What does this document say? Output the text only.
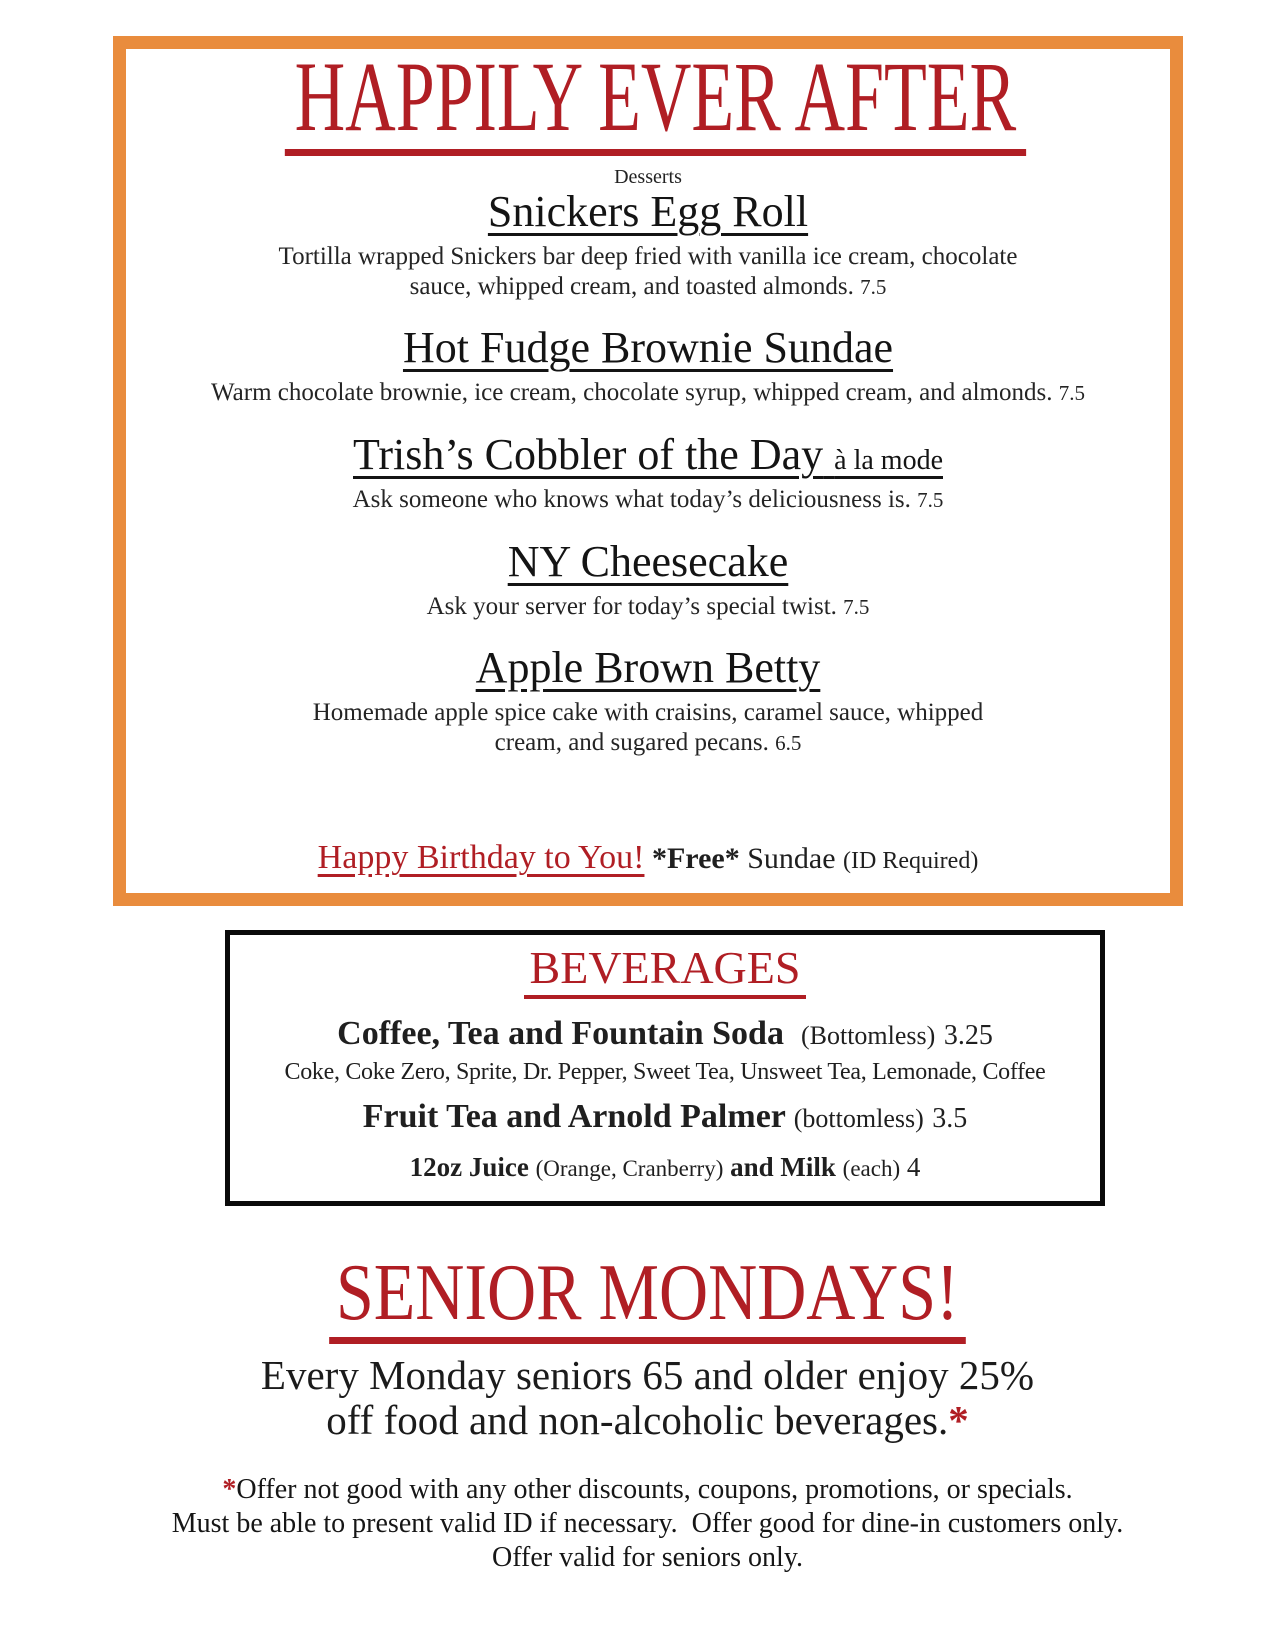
HAPPILY EVER AFTER
Desserts
Snickers Egg Roll

Tortilla wrapped Snickers bar deep fried with vanilla ice cream, chocolate sauce, whipped cream, and toasted almonds. 7.5

Hot Fudge Brownie Sundae

Warm chocolate brownie, ice cream, chocolate syrup, whipped cream, and almonds. 7.5

Trish’s Cobbler of the Day à la mode

Ask someone who knows what today’s deliciousness is. 7.5

NY Cheesecake

Ask your server for today’s special twist. 7.5

Apple Brown Betty

Homemade apple spice cake with craisins, caramel sauce, whipped cream, and sugared pecans. 6.5

Happy Birthday to You! *Free* Sundae (ID Required)
BEVERAGES

Coffee, Tea and Fountain Soda (Bottomless) 3.25

Coke, Coke Zero, Sprite, Dr. Pepper, Sweet Tea, Unsweet Tea, Lemonade, Coffee

Fruit Tea and Arnold Palmer (bottomless) 3.5

12oz Juice (Orange, Cranberry) and Milk (each) 4

SENIOR MONDAYS!

Every Monday seniors 65 and older enjoy 25%

off food and non-alcoholic beverages.*

*Offer not good with any other discounts, coupons, promotions, or specials.

Must be able to present valid ID if necessary.  Offer good for dine-in customers only.

Offer valid for seniors only.
